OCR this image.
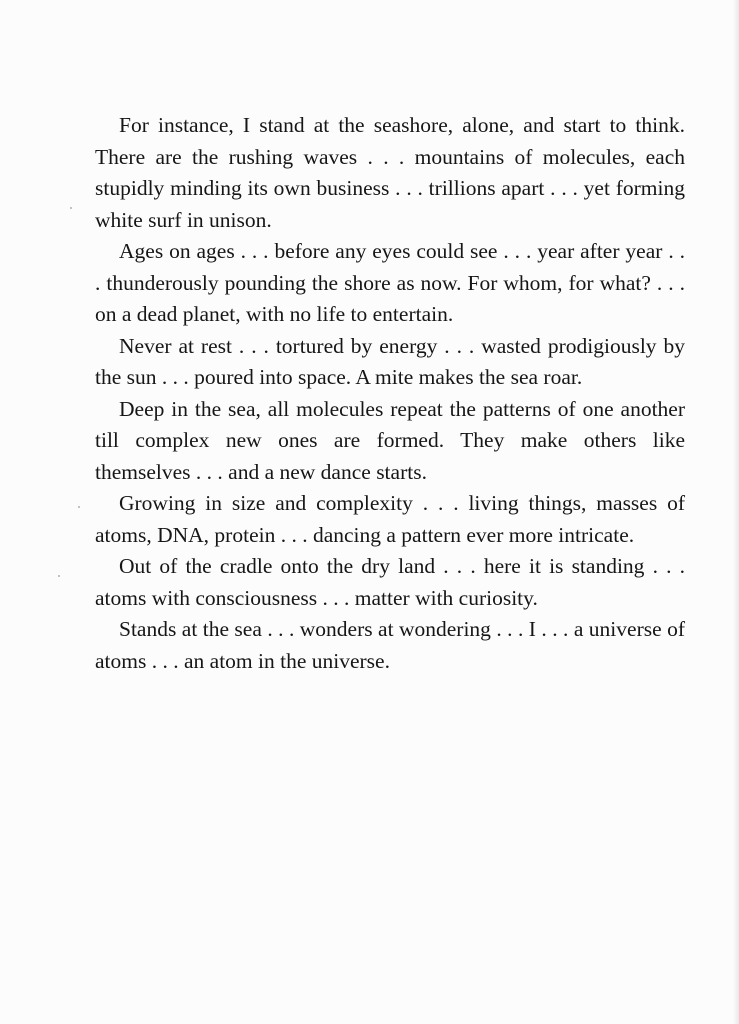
For instance, I stand at the seashore, alone, and start to think. There are the rushing waves . . . mountains of molecules, each stupidly minding its own business . . . trillions apart . . . yet forming white surf in unison.

Ages on ages . . . before any eyes could see . . . year after year . . . thunderously pounding the shore as now. For whom, for what? . . . on a dead planet, with no life to entertain.

Never at rest . . . tortured by energy . . . wasted prodigiously by the sun . . . poured into space. A mite makes the sea roar.

Deep in the sea, all molecules repeat the patterns of one another till complex new ones are formed. They make others like themselves . . . and a new dance starts.

Growing in size and complexity . . . living things, masses of atoms, DNA, protein . . . dancing a pattern ever more intricate.

Out of the cradle onto the dry land . . . here it is standing . . . atoms with consciousness . . . matter with curiosity.

Stands at the sea . . . wonders at wondering . . . I . . . a universe of atoms . . . an atom in the universe.
